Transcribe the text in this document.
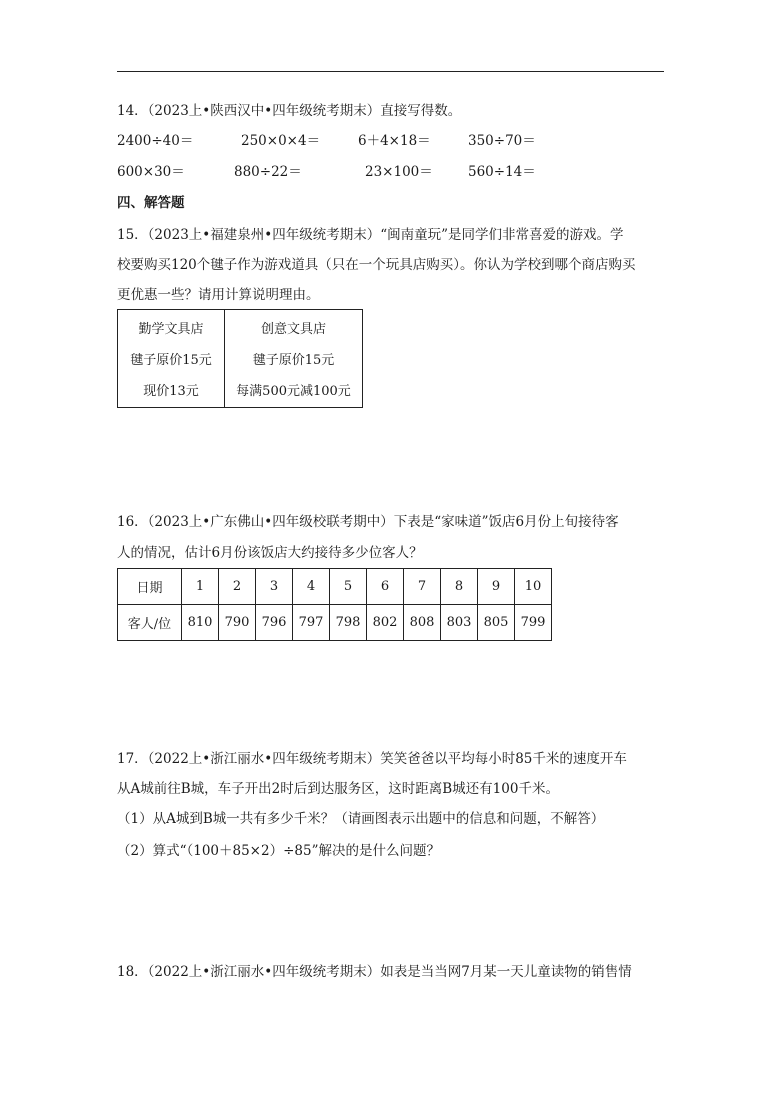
14．（2023上•陕西汉中•四年级统考期末）直接写得数。
2400÷40＝	250×0×4＝	6＋4×18＝	350÷70＝
600×30＝	880÷22＝	23×100＝	560÷14＝
四、解答题
15．（2023上•福建泉州•四年级统考期末）“闽南童玩”是同学们非常喜爱的游戏。学
校要购买120个毽子作为游戏道具（只在一个玩具店购买）。你认为学校到哪个商店购买
更优惠一些？请用计算说明理由。
勤学文具店
毽子原价15元
现价13元

创意文具店
毽子原价15元
每满500元减100元
16．（2023上•广东佛山•四年级校联考期中）下表是“家味道”饭店6月份上旬接待客
人的情况，估计6月份该饭店大约接待多少位客人？
日期	1	2	3	4	5	6	7	8	9	10
客人/位	810	790	796	797	798	802	808	803	805	799
17．（2022上•浙江丽水•四年级统考期末）笑笑爸爸以平均每小时85千米的速度开车
从A城前往B城，车子开出2时后到达服务区，这时距离B城还有100千米。
（1）从A城到B城一共有多少千米？（请画图表示出题中的信息和问题，不解答）
（2）算式“（100＋85×2）÷85”解决的是什么问题？
18．（2022上•浙江丽水•四年级统考期末）如表是当当网7月某一天儿童读物的销售情
